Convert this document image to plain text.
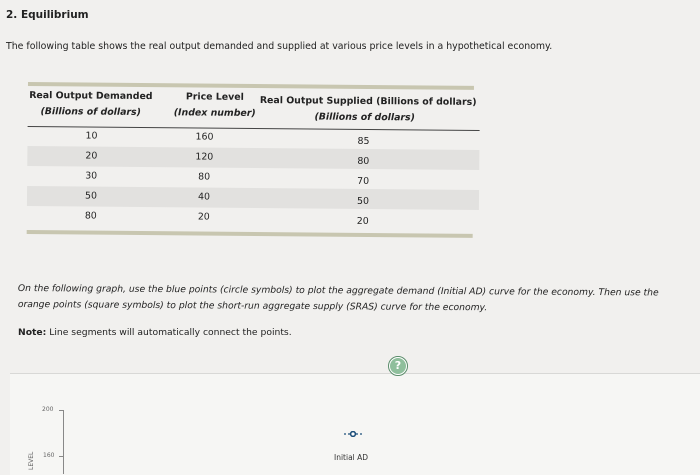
2. Equilibrium
The following table shows the real output demanded and supplied at various price levels in a hypothetical economy.
Real Output Demanded
(Billions of dollars)
Price Level
(Index number)
Real Output Supplied (Billions of dollars)
(Billions of dollars)
10	160	85
20	120	80
30	80	70
50	40	50
80	20	20
On the following graph, use the blue points (circle symbols) to plot the aggregate demand (Initial AD) curve for the economy. Then use the orange points (square symbols) to plot the short-run aggregate supply (SRAS) curve for the economy.
Note: Line segments will automatically connect the points.
?
200
160
LEVEL	Initial AD
